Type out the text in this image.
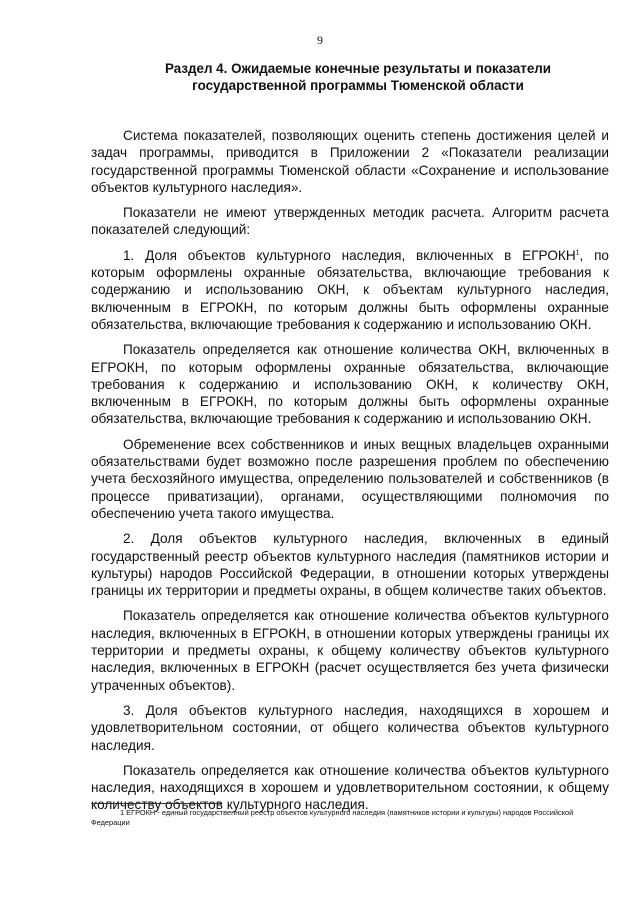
9
Раздел 4. Ожидаемые конечные результаты и показатели
государственной программы Тюменской области

Система показателей, позволяющих оценить степень достижения целей и задач программы, приводится в Приложении 2 «Показатели реализации государственной программы Тюменской области «Сохранение и использование объектов культурного наследия».

Показатели не имеют утвержденных методик расчета. Алгоритм расчета показателей следующий:

1. Доля объектов культурного наследия, включенных в ЕГРОКН$^1$, по которым оформлены охранные обязательства, включающие требования к содержанию и использованию ОКН, к объектам культурного наследия, включенным в ЕГРОКН, по которым должны быть оформлены охранные обязательства, включающие требования к содержанию и использованию ОКН.

Показатель определяется как отношение количества ОКН, включенных в ЕГРОКН, по которым оформлены охранные обязательства, включающие требования к содержанию и использованию ОКН, к количеству ОКН, включенным в ЕГРОКН, по которым должны быть оформлены охранные обязательства, включающие требования к содержанию и использованию ОКН.

Обременение всех собственников и иных вещных владельцев охранными обязательствами будет возможно после разрешения проблем по обеспечению учета бесхозяйного имущества, определению пользователей и собственников (в процессе приватизации), органами, осуществляющими полномочия по обеспечению учета такого имущества.

2. Доля объектов культурного наследия, включенных в единый государственный реестр объектов культурного наследия (памятников истории и культуры) народов Российской Федерации, в отношении которых утверждены границы их территории и предметы охраны, в общем количестве таких объектов.

Показатель определяется как отношение количества объектов культурного наследия, включенных в ЕГРОКН, в отношении которых утверждены границы их территории и предметы охраны, к общему количеству объектов культурного наследия, включенных в ЕГРОКН (расчет осуществляется без учета физически утраченных объектов).

3. Доля объектов культурного наследия, находящихся в хорошем и удовлетворительном состоянии, от общего количества объектов культурного наследия.

Показатель определяется как отношение количества объектов культурного наследия, находящихся в хорошем и удовлетворительном состоянии, к общему количеству объектов культурного наследия.

1 ЕГРОКН - единый государственный реестр объектов культурного наследия (памятников истории и культуры) народов Российской Федерации
